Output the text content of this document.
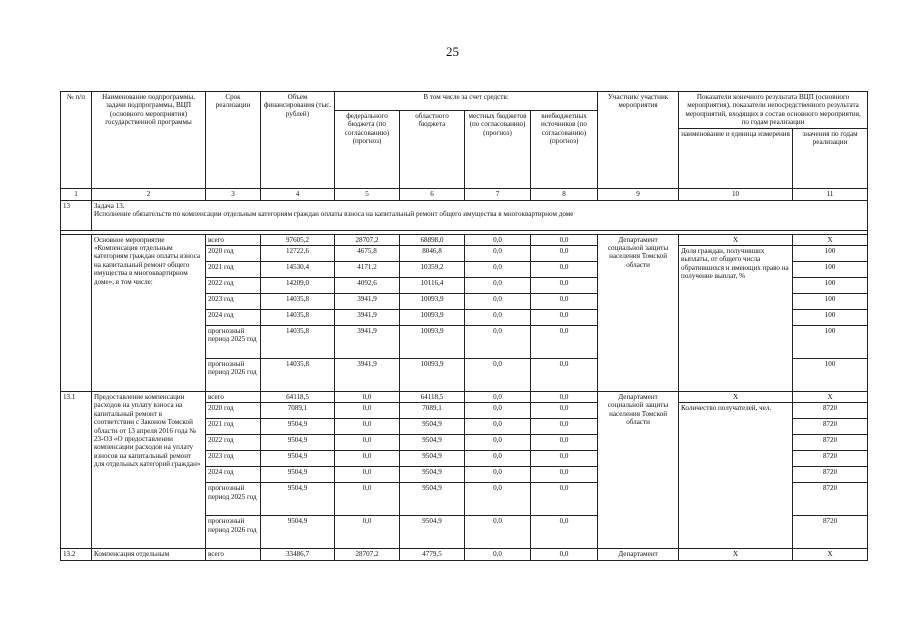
25
№ п/п	Наименование подпрограммы, задачи подпрограммы, ВЦП (основного мероприятия) государственной программы	Срок реализации	Объем финансирования (тыс. рублей)	В том числе за счет средств:				Участник/ участник мероприятия	Показатели конечного результата ВЦП (основного мероприятия), показатели непосредственного результата мероприятий, входящих в состав основного мероприятия, по годам реализации	
				федерального бюджета (по согласованию) (прогноз)	областного бюджета	местных бюджетов (по согласованию) (прогноз)	внебюджетных источников (по согласованию) (прогноз)			
									наименование и единица измерения	значения по годам реализации
1	2	3	4	5	6	7	8	9	10	11
13	Задача 13.
Исполнение обязательств по компенсации отдельным категориям граждан оплаты взноса на капитальный ремонт общего имущества в многоквартирном доме									

	Основное мероприятие «Компенсация отдельным категориям граждан оплаты взноса на капитальный ремонт общего имущества в многоквартирном доме», в том числе:	всего	97605,2	28707,2	68898,0	0,0	0,0	Департамент социальной защиты населения Томской области	X	X
		2020 год	12722,6	4675,8	8046,8	0,0	0,0		Доля граждан, получивших выплаты, от общего числа обратившихся и имеющих право на получение выплат, %	100
		2021 год	14530,4	4171,2	10359,2	0,0	0,0			100
		2022 год	14209,0	4092,6	10116,4	0,0	0,0			100
		2023 год	14035,8	3941,9	10093,9	0,0	0,0			100
		2024 год	14035,8	3941,9	10093,9	0,0	0,0			100
		прогнозный период 2025 год	14035,8	3941,9	10093,9	0,0	0,0			100
		прогнозный период 2026 год	14035,8	3941,9	10093,9	0,0	0,0			100
13.1	Предоставление компенсации расходов на уплату взноса на капитальный ремонт в соответствии с Законом Томской области от 13 апреля 2016 года № 23-ОЗ «О предоставлении компенсации расходов на уплату взносов на капитальный ремонт для отдельных категорий граждан»	всего	64118,5	0,0	64118,5	0,0	0,0	Департамент социальной защиты населения Томской области	X	X
		2020 год	7089,1	0,0	7089,1	0,0	0,0		Количество получателей, чел.	8720
		2021 год	9504,9	0,0	9504,9	0,0	0,0			8720
		2022 год	9504,9	0,0	9504,9	0,0	0,0			8720
		2023 год	9504,9	0,0	9504,9	0,0	0,0			8720
		2024 год	9504,9	0,0	9504,9	0,0	0,0			8720
		прогнозный период 2025 год	9504,9	0,0	9504,9	0,0	0,0			8720
		прогнозный период 2026 год	9504,9	0,0	9504,9	0,0	0,0			8720
13.2	Компенсация отдельным	всего	33486,7	28707,2	4779,5	0,0	0,0	Департамент	X	X
